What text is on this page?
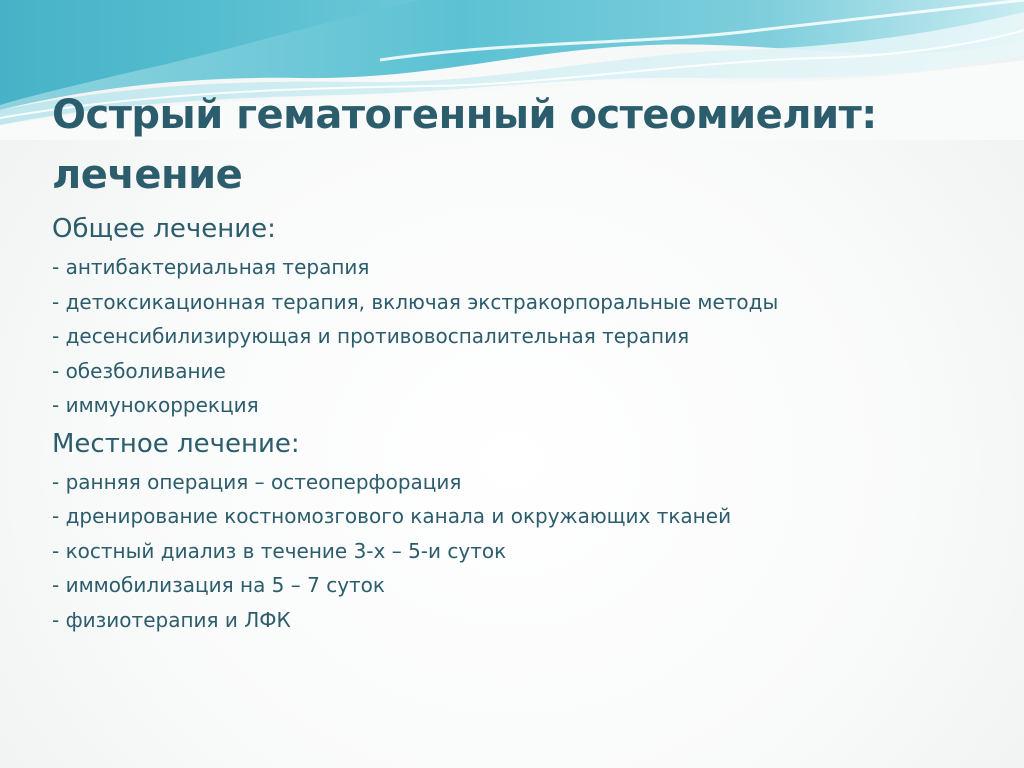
Острый гематогенный остеомиелит:
лечение

Общее лечение:

- антибактериальная терапия

- детоксикационная терапия, включая экстракорпоральные методы

- десенсибилизирующая и противовоспалительная терапия

- обезболивание

- иммунокоррекция

Местное лечение:

- ранняя операция – остеоперфорация

- дренирование костномозгового канала и окружающих тканей

- костный диализ в течение 3-х – 5-и суток

- иммобилизация на 5 – 7 суток

- физиотерапия и ЛФК
